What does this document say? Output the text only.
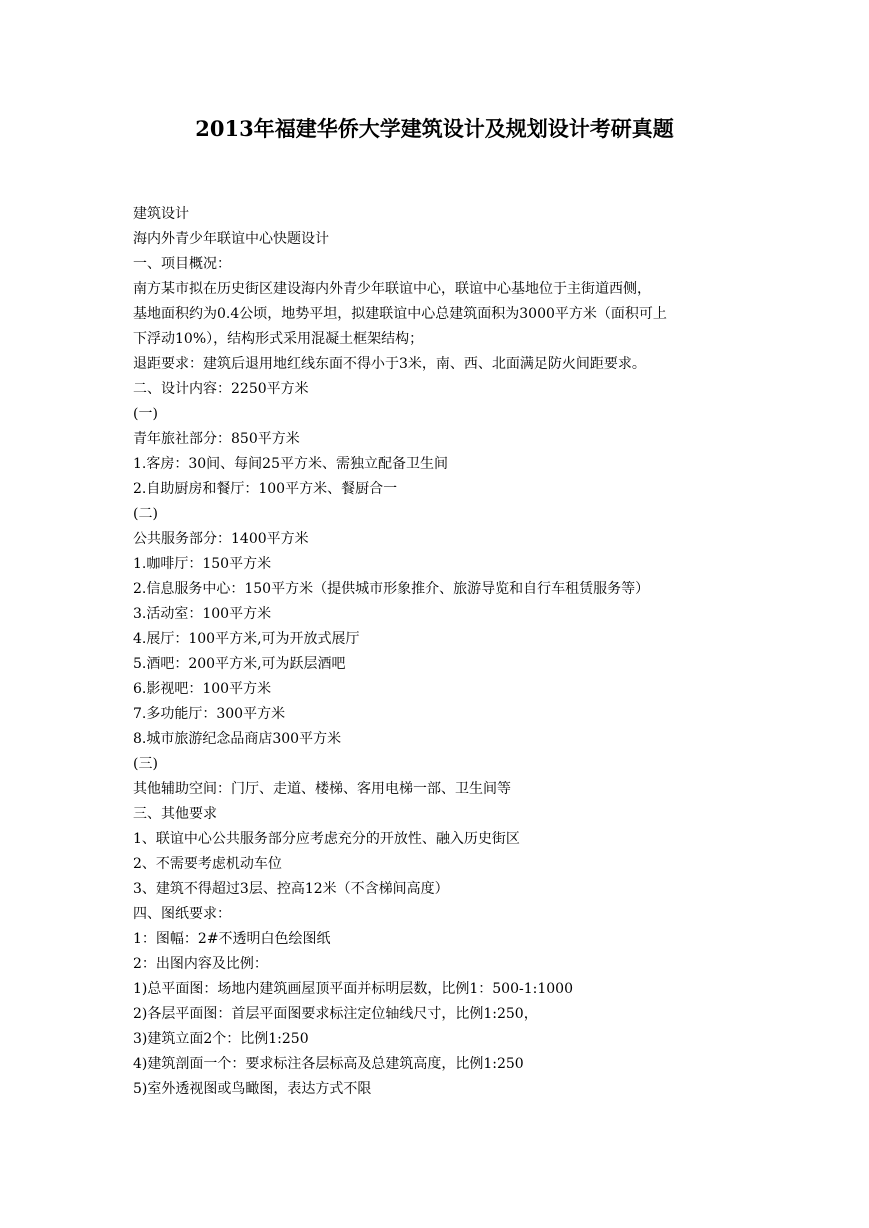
2013年福建华侨大学建筑设计及规划设计考研真题

建筑设计

海内外青少年联谊中心快题设计

一、项目概况：

南方某市拟在历史街区建设海内外青少年联谊中心，联谊中心基地位于主街道西侧，

基地面积约为0.4公顷，地势平坦，拟建联谊中心总建筑面积为3000平方米（面积可上

下浮动10%），结构形式采用混凝土框架结构；

退距要求：建筑后退用地红线东面不得小于3米，南、西、北面满足防火间距要求。

二、设计内容：2250平方米

(一)

青年旅社部分：850平方米

1.客房：30间、每间25平方米、需独立配备卫生间

2.自助厨房和餐厅：100平方米、餐厨合一

(二)

公共服务部分：1400平方米

1.咖啡厅：150平方米

2.信息服务中心：150平方米（提供城市形象推介、旅游导览和自行车租赁服务等）

3.活动室：100平方米

4.展厅：100平方米,可为开放式展厅

5.酒吧：200平方米,可为跃层酒吧

6.影视吧：100平方米

7.多功能厅：300平方米

8.城市旅游纪念品商店300平方米

(三)

其他辅助空间：门厅、走道、楼梯、客用电梯一部、卫生间等

三、其他要求

1、联谊中心公共服务部分应考虑充分的开放性、融入历史街区

2、不需要考虑机动车位

3、建筑不得超过3层、控高12米（不含梯间高度）

四、图纸要求：

1：图幅：2#不透明白色绘图纸

2：出图内容及比例：

1)总平面图：场地内建筑画屋顶平面并标明层数，比例1：500-1:1000

2)各层平面图：首层平面图要求标注定位轴线尺寸，比例1:250，

3)建筑立面2个：比例1:250

4)建筑剖面一个：要求标注各层标高及总建筑高度，比例1:250

5)室外透视图或鸟瞰图，表达方式不限
